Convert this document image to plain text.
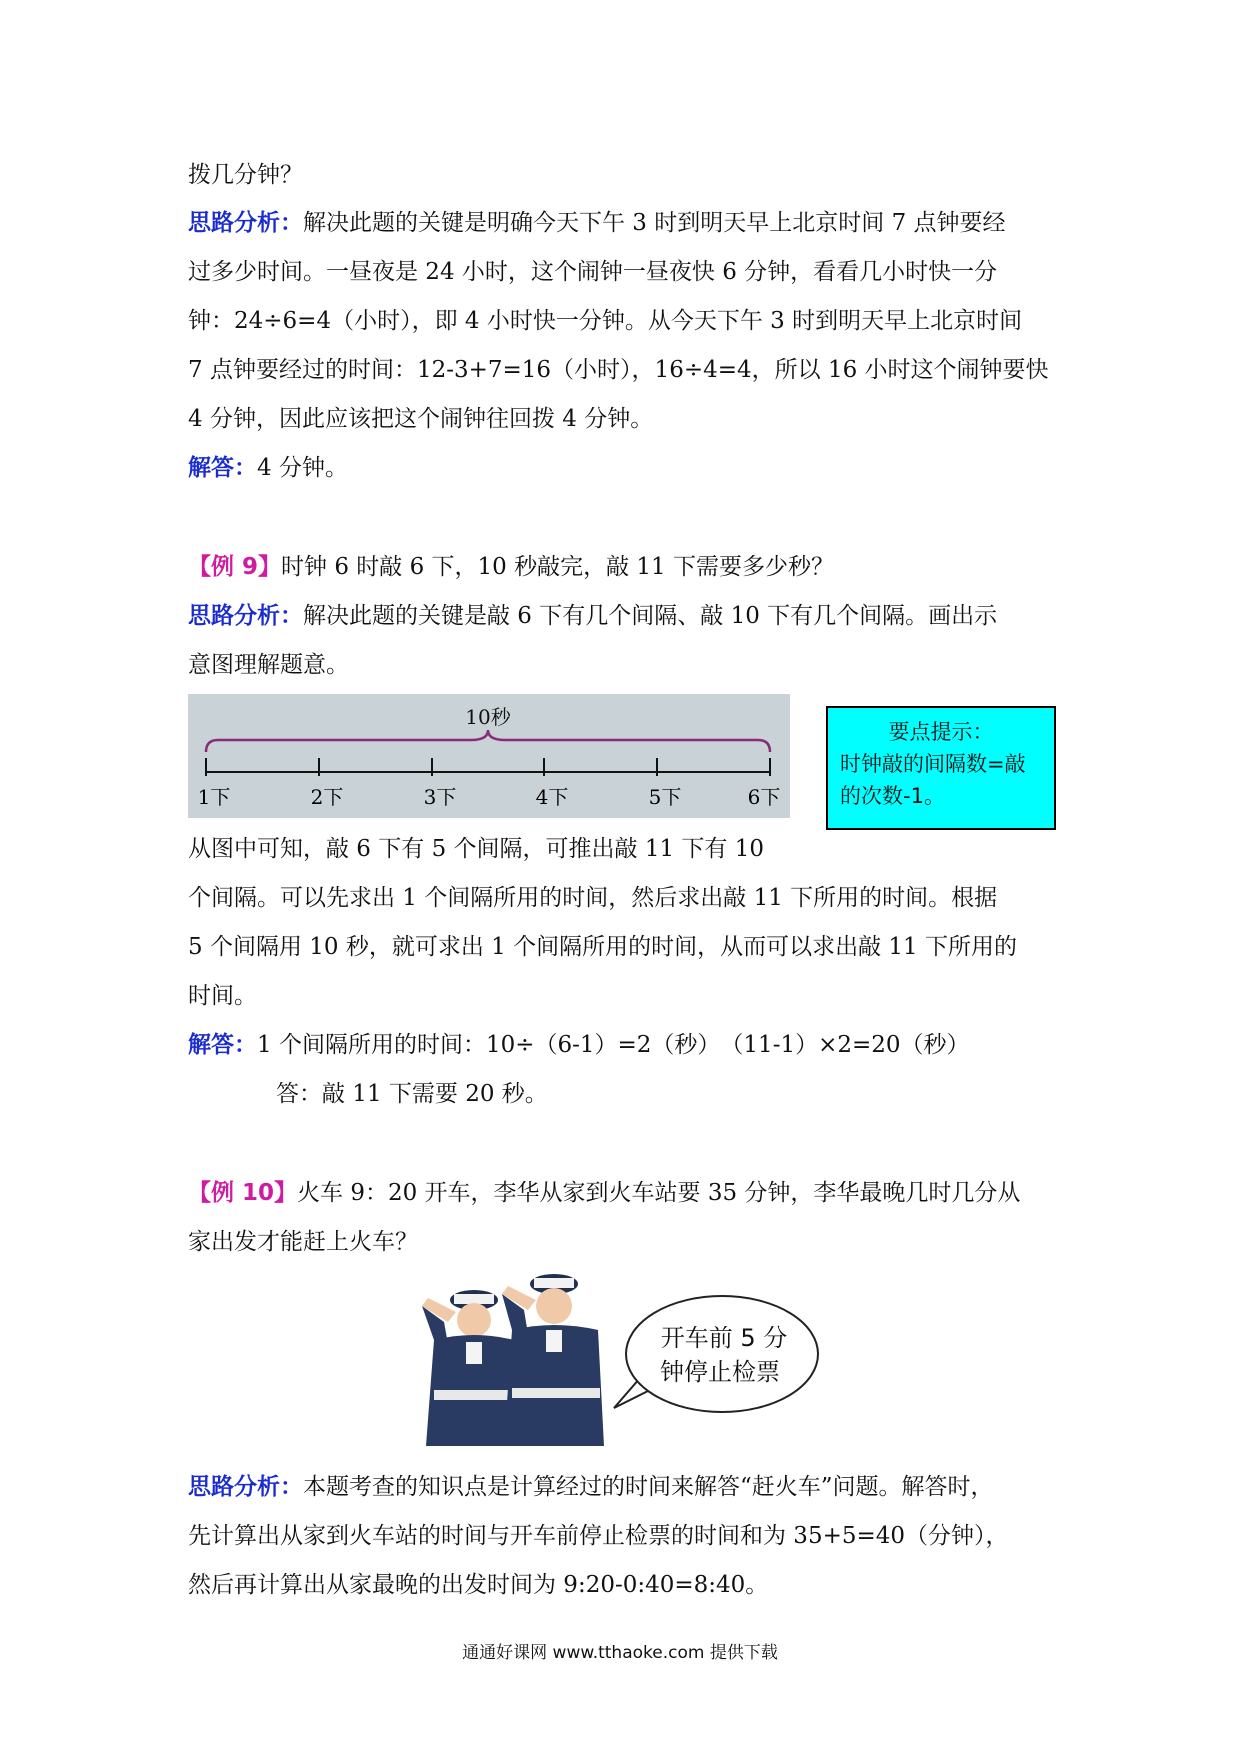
拨几分钟？
思路分析：解决此题的关键是明确今天下午 3 时到明天早上北京时间 7 点钟要经
过多少时间。一昼夜是 24 小时，这个闹钟一昼夜快 6 分钟，看看几小时快一分
钟：24÷6=4（小时），即 4 小时快一分钟。从今天下午 3 时到明天早上北京时间
7 点钟要经过的时间：12-3+7=16（小时），16÷4=4，所以 16 小时这个闹钟要快
4 分钟，因此应该把这个闹钟往回拨 4 分钟。
解答：4 分钟。
【例 9】时钟 6 时敲 6 下，10 秒敲完，敲 11 下需要多少秒？
思路分析：解决此题的关键是敲 6 下有几个间隔、敲 10 下有几个间隔。画出示
意图理解题意。
10秒
1下	2下	3下	4下	5下	6下
要点提示：
时钟敲的间隔数=敲
的次数-1。
从图中可知，敲 6 下有 5 个间隔，可推出敲 11 下有 10
个间隔。可以先求出 1 个间隔所用的时间，然后求出敲 11 下所用的时间。根据
5 个间隔用 10 秒，就可求出 1 个间隔所用的时间，从而可以求出敲 11 下所用的
时间。
解答：1 个间隔所用的时间：10÷（6-1）=2（秒）　（11-1）×2=20（秒）
答：敲 11 下需要 20 秒。
【例 10】火车 9：20 开车，李华从家到火车站要 35 分钟，李华最晚几时几分从
家出发才能赶上火车？
开车前 5 分
钟停止检票
思路分析：本题考查的知识点是计算经过的时间来解答“赶火车”问题。解答时，
先计算出从家到火车站的时间与开车前停止检票的时间和为 35+5=40（分钟），
然后再计算出从家最晚的出发时间为 9:20-0:40=8:40。
通通好课网 www.tthaoke.com 提供下载
